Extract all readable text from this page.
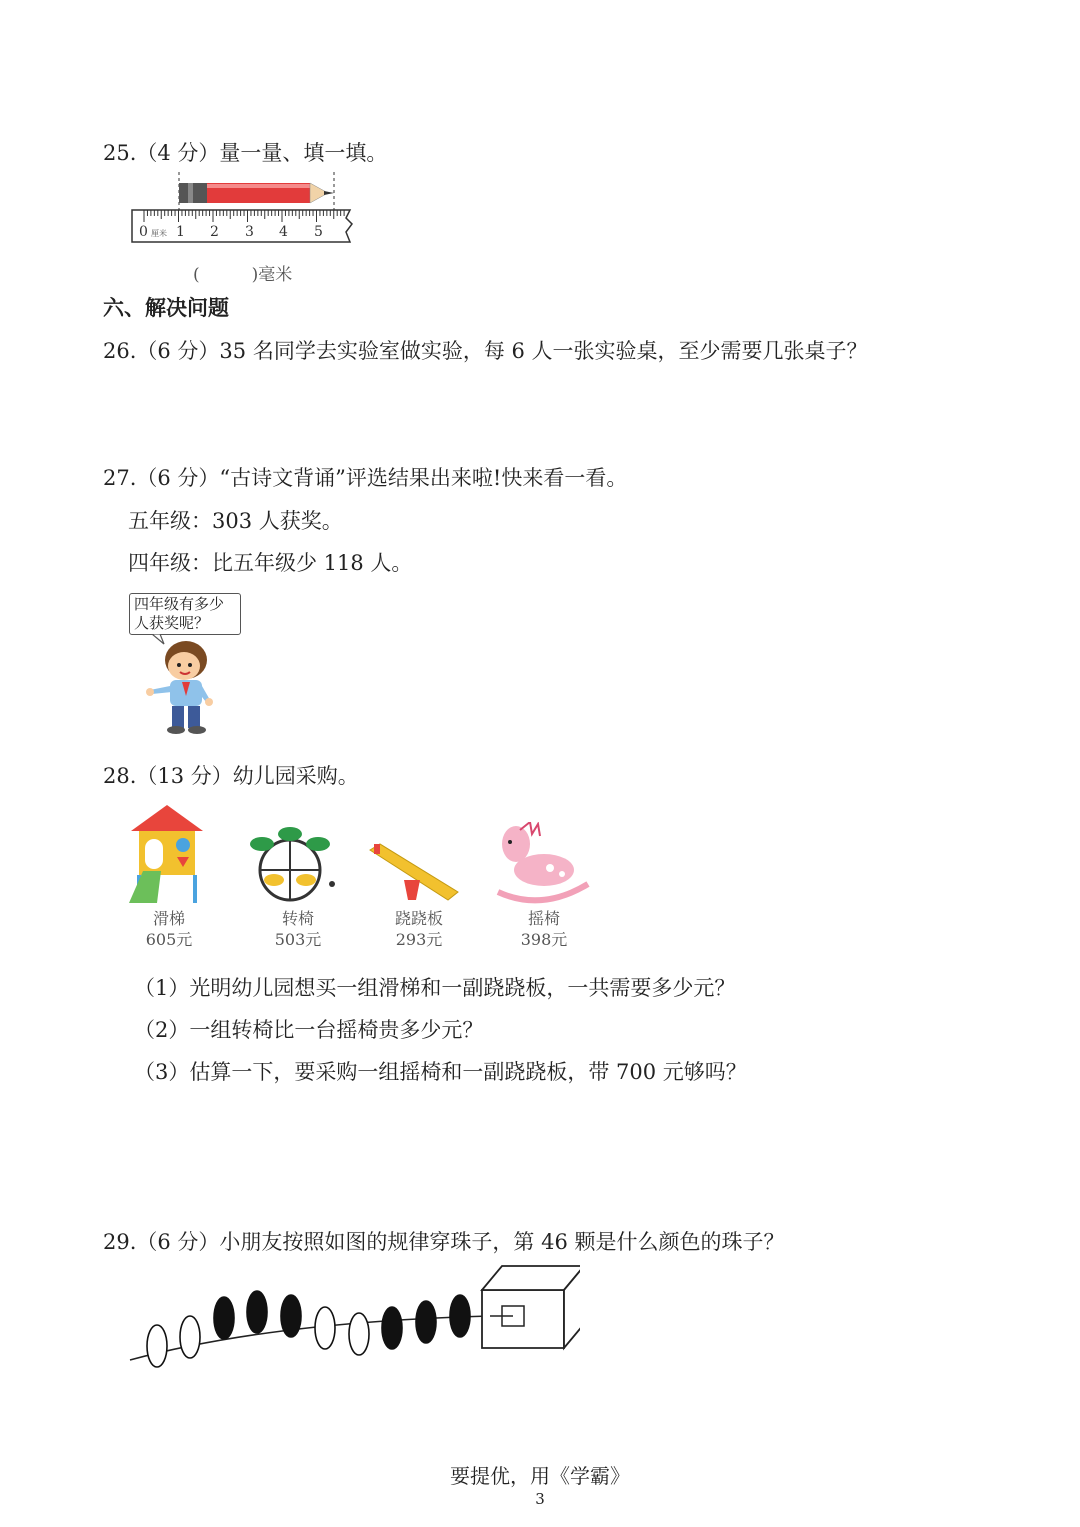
25.（4 分）量一量、填一填。
0 厘米 1 2 3 4 5
(	)毫米
六、解决问题
26.（6 分）35 名同学去实验室做实验，每 6 人一张实验桌，至少需要几张桌子？
27.（6 分）“古诗文背诵”评选结果出来啦!快来看一看。
五年级：303 人获奖。
四年级：比五年级少 118 人。
四年级有多少
人获奖呢？
28.（13 分）幼儿园采购。
滑梯
605元
转椅
503元
跷跷板
293元
摇椅
398元
（1）光明幼儿园想买一组滑梯和一副跷跷板，一共需要多少元？
（2）一组转椅比一台摇椅贵多少元？
（3）估算一下，要采购一组摇椅和一副跷跷板，带 700 元够吗？
29.（6 分）小朋友按照如图的规律穿珠子，第 46 颗是什么颜色的珠子？
要提优，用《学霸》
3
